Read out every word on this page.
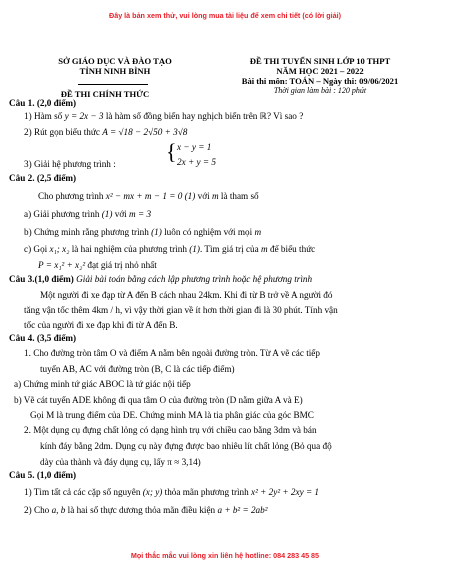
Đây là bản xem thử, vui lòng mua tài liệu để xem chi tiết (có lời giải)
SỞ GIÁO DỤC VÀ ĐÀO TẠO
TỈNH NINH BÌNH
ĐỀ THI CHÍNH THỨC
ĐỀ THI TUYỂN SINH LỚP 10 THPT
NĂM HỌC 2021 – 2022
Bài thi môn: TOÁN – Ngày thi: 09/06/2021
Thời gian làm bài : 120 phút
Câu 1. (2,0 điểm)
1) Hàm số y = 2x − 3 là hàm số đồng biến hay nghịch biến trên ℝ? Vì sao ?
2) Rút gọn biểu thức A = √18 − 2√50 + 3√8
3) Giải hệ phương trình : { x − y = 1
2x + y = 5
Câu 2. (2,5 điểm)
Cho phương trình x² − mx + m − 1 = 0 (1) với m là tham số
a) Giải phương trình (1) với m = 3
b) Chứng minh rằng phương trình (1) luôn có nghiệm với mọi m
c) Gọi x₁; x₂ là hai nghiệm của phương trình (1). Tìm giá trị của m để biểu thức
P = x₁² + x₂² đạt giá trị nhỏ nhất
Câu 3.(1,0 điểm) Giải bài toán bằng cách lập phương trình hoặc hệ phương trình
Một người đi xe đạp từ A đến B cách nhau 24km. Khi đi từ B trở về A người đó
tăng vận tốc thêm 4km / h, vì vậy thời gian về ít hơn thời gian đi là 30 phút. Tính vận
tốc của người đi xe đạp khi đi từ A đến B.
Câu 4. (3,5 điểm)
1. Cho đường tròn tâm O và điểm A nằm bên ngoài đường tròn. Từ A vẽ các tiếp
tuyến AB, AC với đường tròn (B, C là các tiếp điểm)
a) Chứng minh tứ giác ABOC là tứ giác nội tiếp
b) Vẽ cát tuyến ADE không đi qua tâm O của đường tròn (D nằm giữa A và E)
Gọi M là trung điểm của DE. Chứng minh MA là tia phân giác của góc BMC
2. Một dụng cụ đựng chất lỏng có dạng hình trụ với chiều cao bằng 3dm và bán
kính đáy bằng 2dm. Dụng cụ này đựng được bao nhiêu lít chất lỏng (Bỏ qua độ
dày của thành và đáy dụng cụ, lấy π ≈ 3,14)
Câu 5. (1,0 điểm)
1) Tìm tất cả các cặp số nguyên (x; y) thỏa mãn phương trình x² + 2y² + 2xy = 1
2) Cho a, b là hai số thực dương thỏa mãn điều kiện a + b² = 2ab²
Mọi thắc mắc vui lòng xin liên hệ hotline: 084 283 45 85
